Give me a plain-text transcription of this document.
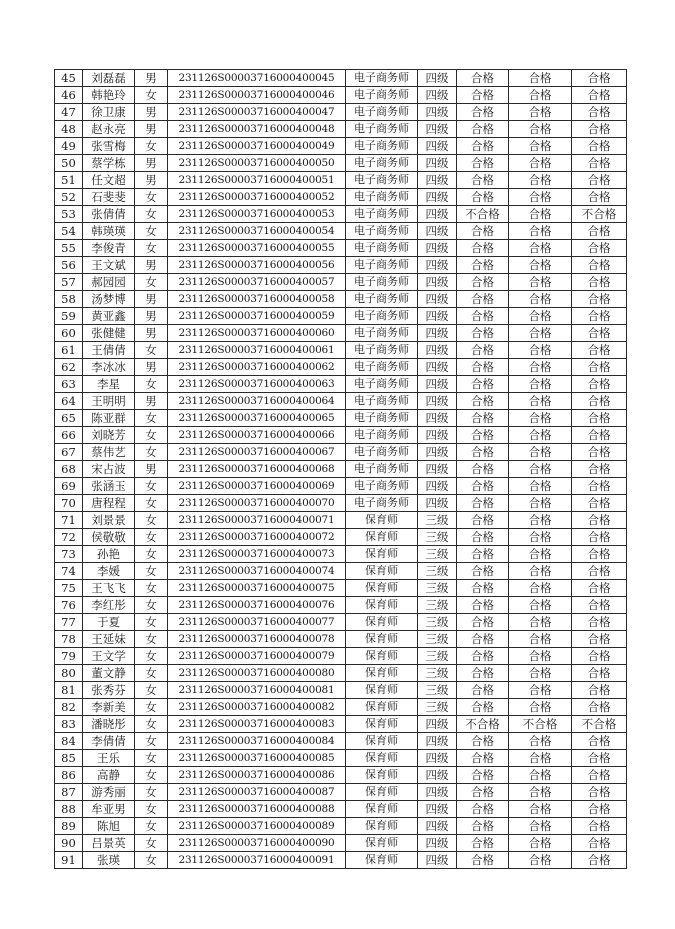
45	刘磊磊	男	231126S00003716000400045	电子商务师	四级	合格	合格	合格
46	韩艳玲	女	231126S00003716000400046	电子商务师	四级	合格	合格	合格
47	徐卫康	男	231126S00003716000400047	电子商务师	四级	合格	合格	合格
48	赵永亮	男	231126S00003716000400048	电子商务师	四级	合格	合格	合格
49	张雪梅	女	231126S00003716000400049	电子商务师	四级	合格	合格	合格
50	蔡学栋	男	231126S00003716000400050	电子商务师	四级	合格	合格	合格
51	任文超	男	231126S00003716000400051	电子商务师	四级	合格	合格	合格
52	石斐斐	女	231126S00003716000400052	电子商务师	四级	合格	合格	合格
53	张倩倩	女	231126S00003716000400053	电子商务师	四级	不合格	合格	不合格
54	韩瑛瑛	女	231126S00003716000400054	电子商务师	四级	合格	合格	合格
55	李俊青	女	231126S00003716000400055	电子商务师	四级	合格	合格	合格
56	王文斌	男	231126S00003716000400056	电子商务师	四级	合格	合格	合格
57	郝园园	女	231126S00003716000400057	电子商务师	四级	合格	合格	合格
58	汤梦博	男	231126S00003716000400058	电子商务师	四级	合格	合格	合格
59	黄亚鑫	男	231126S00003716000400059	电子商务师	四级	合格	合格	合格
60	张健健	男	231126S00003716000400060	电子商务师	四级	合格	合格	合格
61	王倩倩	女	231126S00003716000400061	电子商务师	四级	合格	合格	合格
62	李冰冰	男	231126S00003716000400062	电子商务师	四级	合格	合格	合格
63	李星	女	231126S00003716000400063	电子商务师	四级	合格	合格	合格
64	王明明	男	231126S00003716000400064	电子商务师	四级	合格	合格	合格
65	陈亚群	女	231126S00003716000400065	电子商务师	四级	合格	合格	合格
66	刘晓芳	女	231126S00003716000400066	电子商务师	四级	合格	合格	合格
67	蔡伟艺	女	231126S00003716000400067	电子商务师	四级	合格	合格	合格
68	宋占波	男	231126S00003716000400068	电子商务师	四级	合格	合格	合格
69	张涵玉	女	231126S00003716000400069	电子商务师	四级	合格	合格	合格
70	唐程程	女	231126S00003716000400070	电子商务师	四级	合格	合格	合格
71	刘景景	女	231126S00003716000400071	保育师	三级	合格	合格	合格
72	侯敬敬	女	231126S00003716000400072	保育师	三级	合格	合格	合格
73	孙艳	女	231126S00003716000400073	保育师	三级	合格	合格	合格
74	李媛	女	231126S00003716000400074	保育师	三级	合格	合格	合格
75	王飞飞	女	231126S00003716000400075	保育师	三级	合格	合格	合格
76	李红彤	女	231126S00003716000400076	保育师	三级	合格	合格	合格
77	于夏	女	231126S00003716000400077	保育师	三级	合格	合格	合格
78	王延妹	女	231126S00003716000400078	保育师	三级	合格	合格	合格
79	王文学	女	231126S00003716000400079	保育师	三级	合格	合格	合格
80	董文静	女	231126S00003716000400080	保育师	三级	合格	合格	合格
81	张秀芬	女	231126S00003716000400081	保育师	三级	合格	合格	合格
82	李新美	女	231126S00003716000400082	保育师	三级	合格	合格	合格
83	潘晓彤	女	231126S00003716000400083	保育师	四级	不合格	不合格	不合格
84	李倩倩	女	231126S00003716000400084	保育师	四级	合格	合格	合格
85	王乐	女	231126S00003716000400085	保育师	四级	合格	合格	合格
86	高静	女	231126S00003716000400086	保育师	四级	合格	合格	合格
87	游秀丽	女	231126S00003716000400087	保育师	四级	合格	合格	合格
88	牟亚男	女	231126S00003716000400088	保育师	四级	合格	合格	合格
89	陈旭	女	231126S00003716000400089	保育师	四级	合格	合格	合格
90	吕景英	女	231126S00003716000400090	保育师	四级	合格	合格	合格
91	张瑛	女	231126S00003716000400091	保育师	四级	合格	合格	合格
